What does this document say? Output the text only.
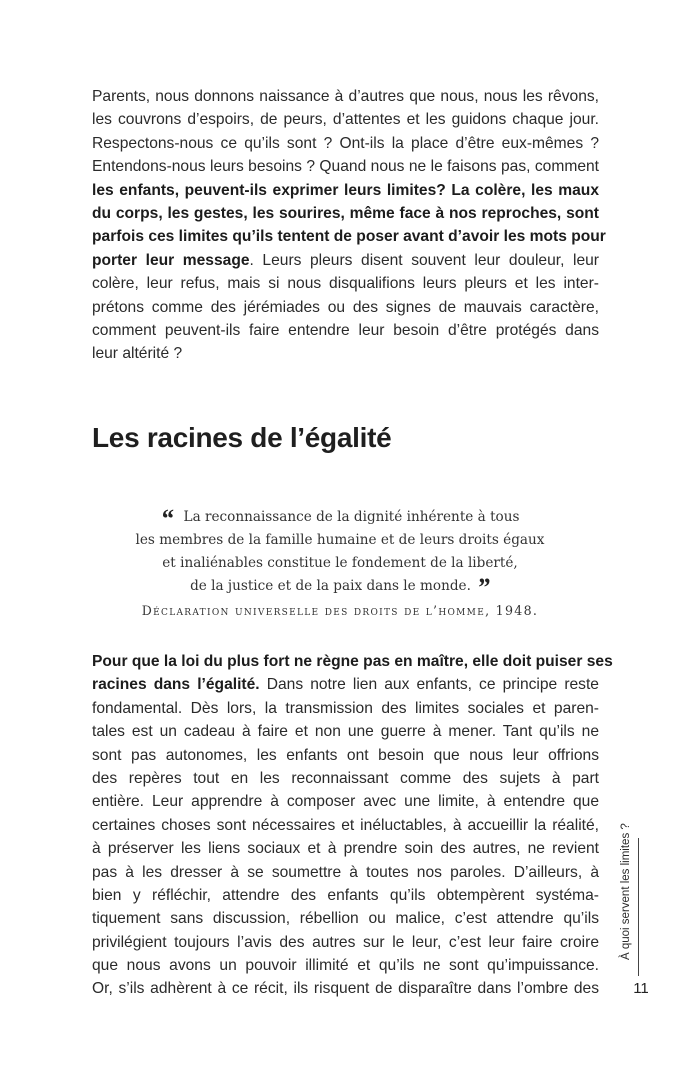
Parents, nous donnons naissance à d’autres que nous, nous les rêvons,
les couvrons d’espoirs, de peurs, d’attentes et les guidons chaque jour.
Respectons-nous ce qu’ils sont ? Ont-ils la place d’être eux-mêmes ?
Entendons-nous leurs besoins ? Quand nous ne le faisons pas, comment
les enfants, peuvent-ils exprimer leurs limites? La colère, les maux
du corps, les gestes, les sourires, même face à nos reproches, sont
parfois ces limites qu’ils tentent de poser avant d’avoir les mots pour
porter leur message. Leurs pleurs disent souvent leur douleur, leur
colère, leur refus, mais si nous disqualifions leurs pleurs et les inter-
prétons comme des jérémiades ou des signes de mauvais caractère,
comment peuvent-ils faire entendre leur besoin d’être protégés dans
leur altérité ?
Les racines de l’égalité
“ La reconnaissance de la dignité inhérente à tous
les membres de la famille humaine et de leurs droits égaux
et inaliénables constitue le fondement de la liberté,
de la justice et de la paix dans le monde. ”
Déclaration universelle des droits de l’homme, 1948.
Pour que la loi du plus fort ne règne pas en maître, elle doit puiser ses
racines dans l’égalité. Dans notre lien aux enfants, ce principe reste
fondamental. Dès lors, la transmission des limites sociales et paren-
tales est un cadeau à faire et non une guerre à mener. Tant qu’ils ne
sont pas autonomes, les enfants ont besoin que nous leur offrions
des repères tout en les reconnaissant comme des sujets à part
entière. Leur apprendre à composer avec une limite, à entendre que
certaines choses sont nécessaires et inéluctables, à accueillir la réalité,
à préserver les liens sociaux et à prendre soin des autres, ne revient
pas à les dresser à se soumettre à toutes nos paroles. D’ailleurs, à
bien y réfléchir, attendre des enfants qu’ils obtempèrent systéma-
tiquement sans discussion, rébellion ou malice, c’est attendre qu’ils
privilégient toujours l’avis des autres sur le leur, c’est leur faire croire
que nous avons un pouvoir illimité et qu’ils ne sont qu’impuissance.
Or, s’ils adhèrent à ce récit, ils risquent de disparaître dans l’ombre des
À quoi servent les limites ?
11
